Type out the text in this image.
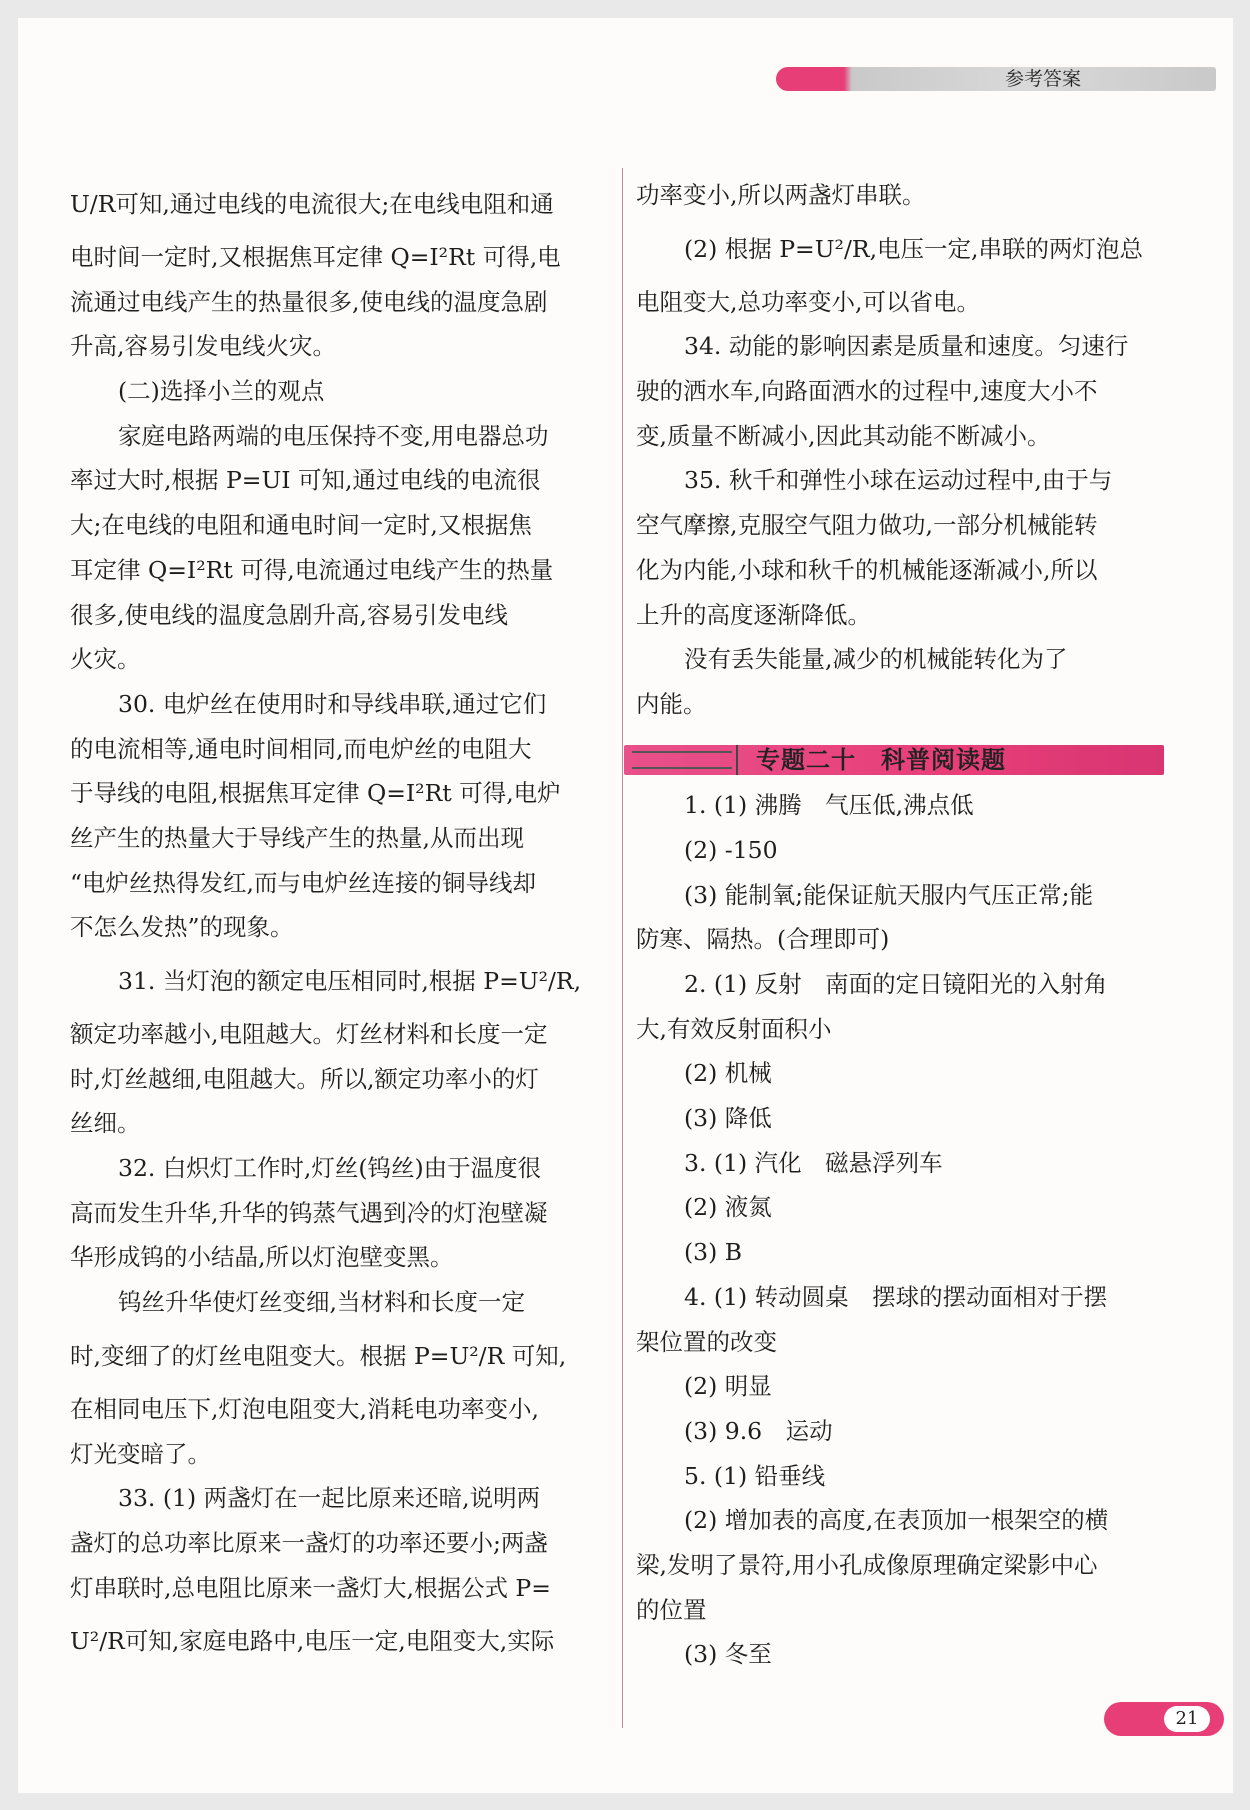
参考答案
U/R可知,通过电线的电流很大;在电线电阻和通
电时间一定时,又根据焦耳定律 Q=I²Rt 可得,电
流通过电线产生的热量很多,使电线的温度急剧
升高,容易引发电线火灾。
(二)选择小兰的观点
家庭电路两端的电压保持不变,用电器总功
率过大时,根据 P=UI 可知,通过电线的电流很
大;在电线的电阻和通电时间一定时,又根据焦
耳定律 Q=I²Rt 可得,电流通过电线产生的热量
很多,使电线的温度急剧升高,容易引发电线
火灾。
30. 电炉丝在使用时和导线串联,通过它们
的电流相等,通电时间相同,而电炉丝的电阻大
于导线的电阻,根据焦耳定律 Q=I²Rt 可得,电炉
丝产生的热量大于导线产生的热量,从而出现
“电炉丝热得发红,而与电炉丝连接的铜导线却
不怎么发热”的现象。
31. 当灯泡的额定电压相同时,根据 P=U²/R,
额定功率越小,电阻越大。灯丝材料和长度一定
时,灯丝越细,电阻越大。所以,额定功率小的灯
丝细。
32. 白炽灯工作时,灯丝(钨丝)由于温度很
高而发生升华,升华的钨蒸气遇到冷的灯泡壁凝
华形成钨的小结晶,所以灯泡壁变黑。
钨丝升华使灯丝变细,当材料和长度一定
时,变细了的灯丝电阻变大。根据 P=U²/R 可知,
在相同电压下,灯泡电阻变大,消耗电功率变小,
灯光变暗了。
33. (1) 两盏灯在一起比原来还暗,说明两
盏灯的总功率比原来一盏灯的功率还要小;两盏
灯串联时,总电阻比原来一盏灯大,根据公式 P=
U²/R可知,家庭电路中,电压一定,电阻变大,实际
功率变小,所以两盏灯串联。
(2) 根据 P=U²/R,电压一定,串联的两灯泡总
电阻变大,总功率变小,可以省电。
34. 动能的影响因素是质量和速度。匀速行
驶的洒水车,向路面洒水的过程中,速度大小不
变,质量不断减小,因此其动能不断减小。
35. 秋千和弹性小球在运动过程中,由于与
空气摩擦,克服空气阻力做功,一部分机械能转
化为内能,小球和秋千的机械能逐渐减小,所以
上升的高度逐渐降低。
没有丢失能量,减少的机械能转化为了
内能。
专题二十　科普阅读题
1. (1) 沸腾　气压低,沸点低
(2) -150
(3) 能制氧;能保证航天服内气压正常;能
防寒、隔热。(合理即可)
2. (1) 反射　南面的定日镜阳光的入射角
大,有效反射面积小
(2) 机械
(3) 降低
3. (1) 汽化　磁悬浮列车
(2) 液氮
(3) B
4. (1) 转动圆桌　摆球的摆动面相对于摆
架位置的改变
(2) 明显
(3) 9.6　运动
5. (1) 铅垂线
(2) 增加表的高度,在表顶加一根架空的横
梁,发明了景符,用小孔成像原理确定梁影中心
的位置
(3) 冬至
21
